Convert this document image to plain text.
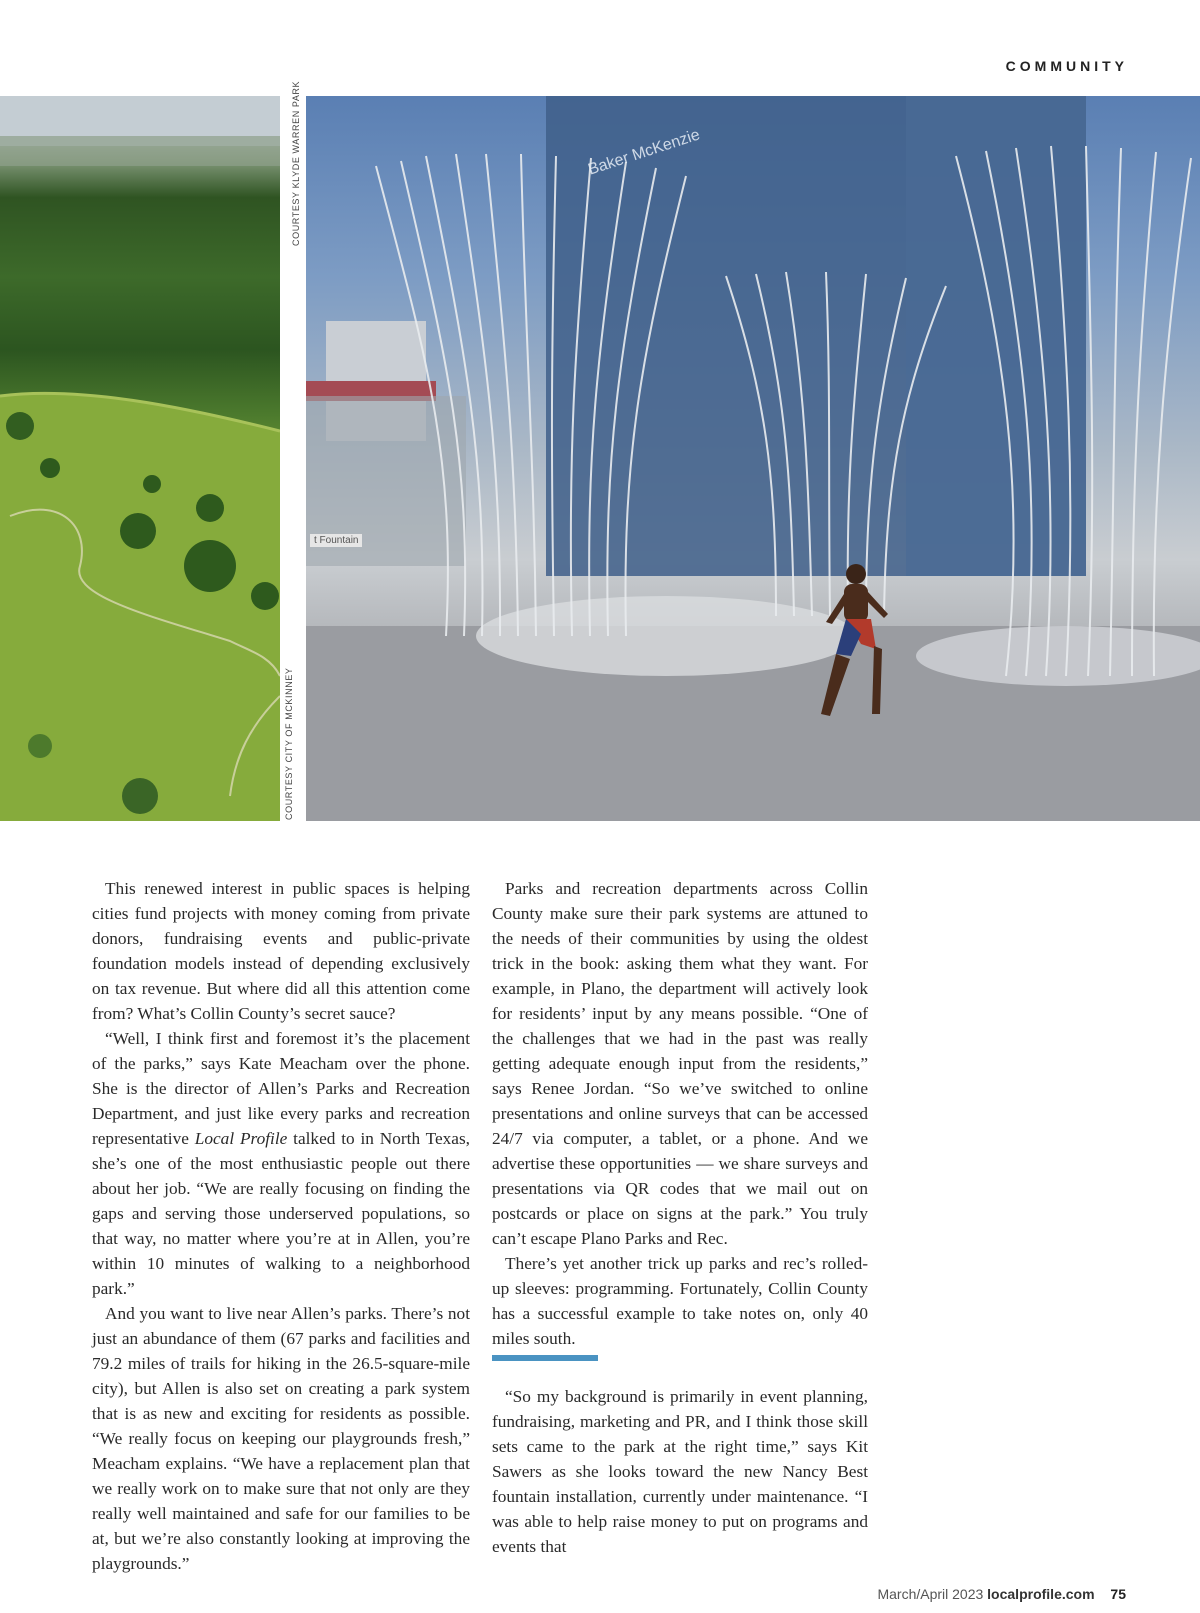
COMMUNITY
Baker McKenzie
t Fountain
COURTESY KLYDE WARREN PARK
COURTESY CITY OF MCKINNEY

This renewed interest in public spaces is helping cities fund projects with money coming from private donors, fundraising events and public-private foundation models instead of depending exclusively on tax revenue. But where did all this attention come from? What’s Collin County’s secret sauce?

“Well, I think first and foremost it’s the placement of the parks,” says Kate Meacham over the phone. She is the director of Allen’s Parks and Recreation Department, and just like every parks and recreation representative Local Profile talked to in North Texas, she’s one of the most enthusiastic people out there about her job. “We are really focusing on finding the gaps and serving those underserved populations, so that way, no matter where you’re at in Allen, you’re within 10 minutes of walking to a neighborhood park.”

And you want to live near Allen’s parks. There’s not just an abundance of them (67 parks and facilities and 79.2 miles of trails for hiking in the 26.5-square-mile city), but Allen is also set on creating a park system that is as new and exciting for residents as possible. “We really focus on keeping our playgrounds fresh,” Meacham explains. “We have a replacement plan that we really work on to make sure that not only are they really well maintained and safe for our families to be at, but we’re also constantly looking at improving the playgrounds.”

Parks and recreation departments across Collin County make sure their park systems are attuned to the needs of their communities by using the oldest trick in the book: asking them what they want. For example, in Plano, the department will actively look for residents’ input by any means possible. “One of the challenges that we had in the past was really getting adequate enough input from the residents,” says Renee Jordan. “So we’ve switched to online presentations and online surveys that can be accessed 24/7 via computer, a tablet, or a phone. And we advertise these opportunities — we share surveys and presentations via QR codes that we mail out on postcards or place on signs at the park.” You truly can’t escape Plano Parks and Rec.

There’s yet another trick up parks and rec’s rolled-up sleeves: programming. Fortunately, Collin County has a successful example to take notes on, only 40 miles south.

“So my background is primarily in event planning, fundraising, marketing and PR, and I think those skill sets came to the park at the right time,” says Kit Sawers as she looks toward the new Nancy Best fountain installation, currently under maintenance. “I was able to help raise money to put on programs and events that

March/April 2023 localprofile.com 75
